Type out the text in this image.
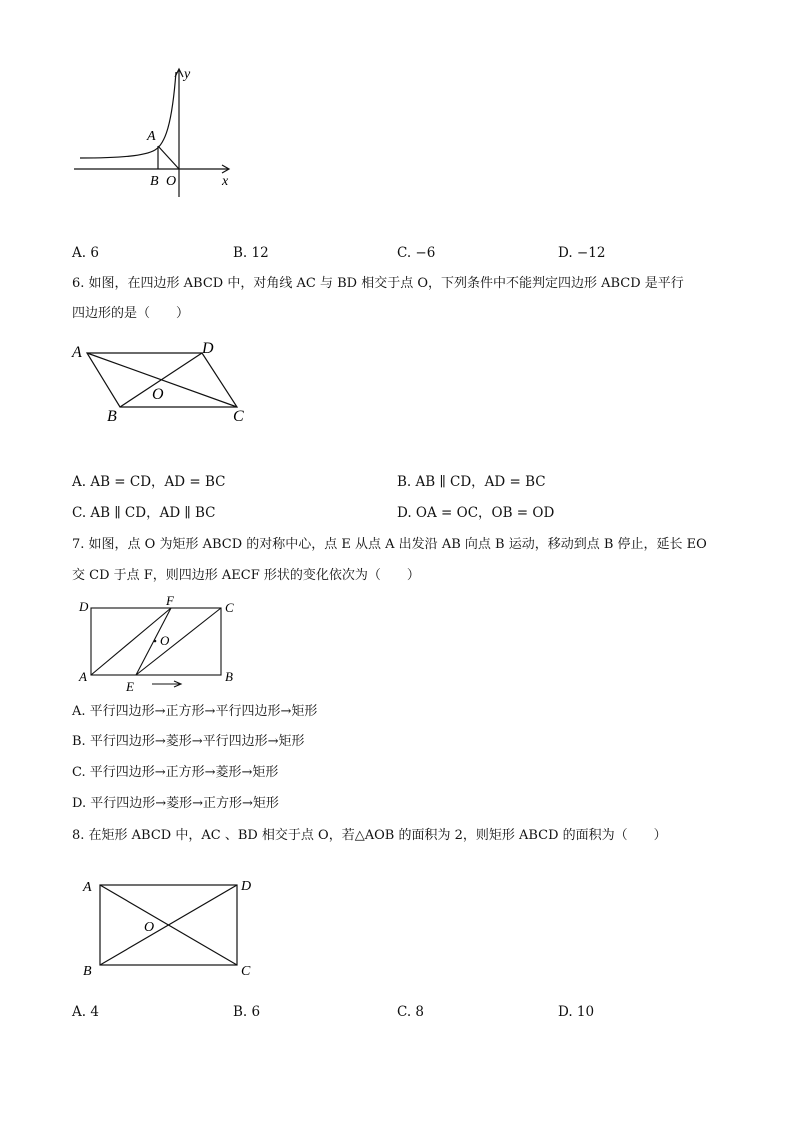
y
x
A
B O
A. 6	B. 12	C. −6	D. −12
6. 如图，在四边形 ABCD 中，对角线 AC 与 BD 相交于点 O，下列条件中不能判定四边形 ABCD 是平行
四边形的是（　　）
A	D
O
B	C
A. AB = CD，AD = BC	B. AB ∥ CD，AD = BC
C. AB ∥ CD，AD ∥ BC	D. OA = OC，OB = OD
7. 如图，点 O 为矩形 ABCD 的对称中心，点 E 从点 A 出发沿 AB 向点 B 运动，移动到点 B 停止，延长 EO
交 CD 于点 F，则四边形 AECF 形状的变化依次为（　　）
D	F	C
O
A	B
E
A. 平行四边形→正方形→平行四边形→矩形
B. 平行四边形→菱形→平行四边形→矩形
C. 平行四边形→正方形→菱形→矩形
D. 平行四边形→菱形→正方形→矩形
8. 在矩形 ABCD 中，AC 、BD 相交于点 O，若△AOB 的面积为 2，则矩形 ABCD 的面积为（　　）
A	D
O
B	C
A. 4	B. 6	C. 8	D. 10
